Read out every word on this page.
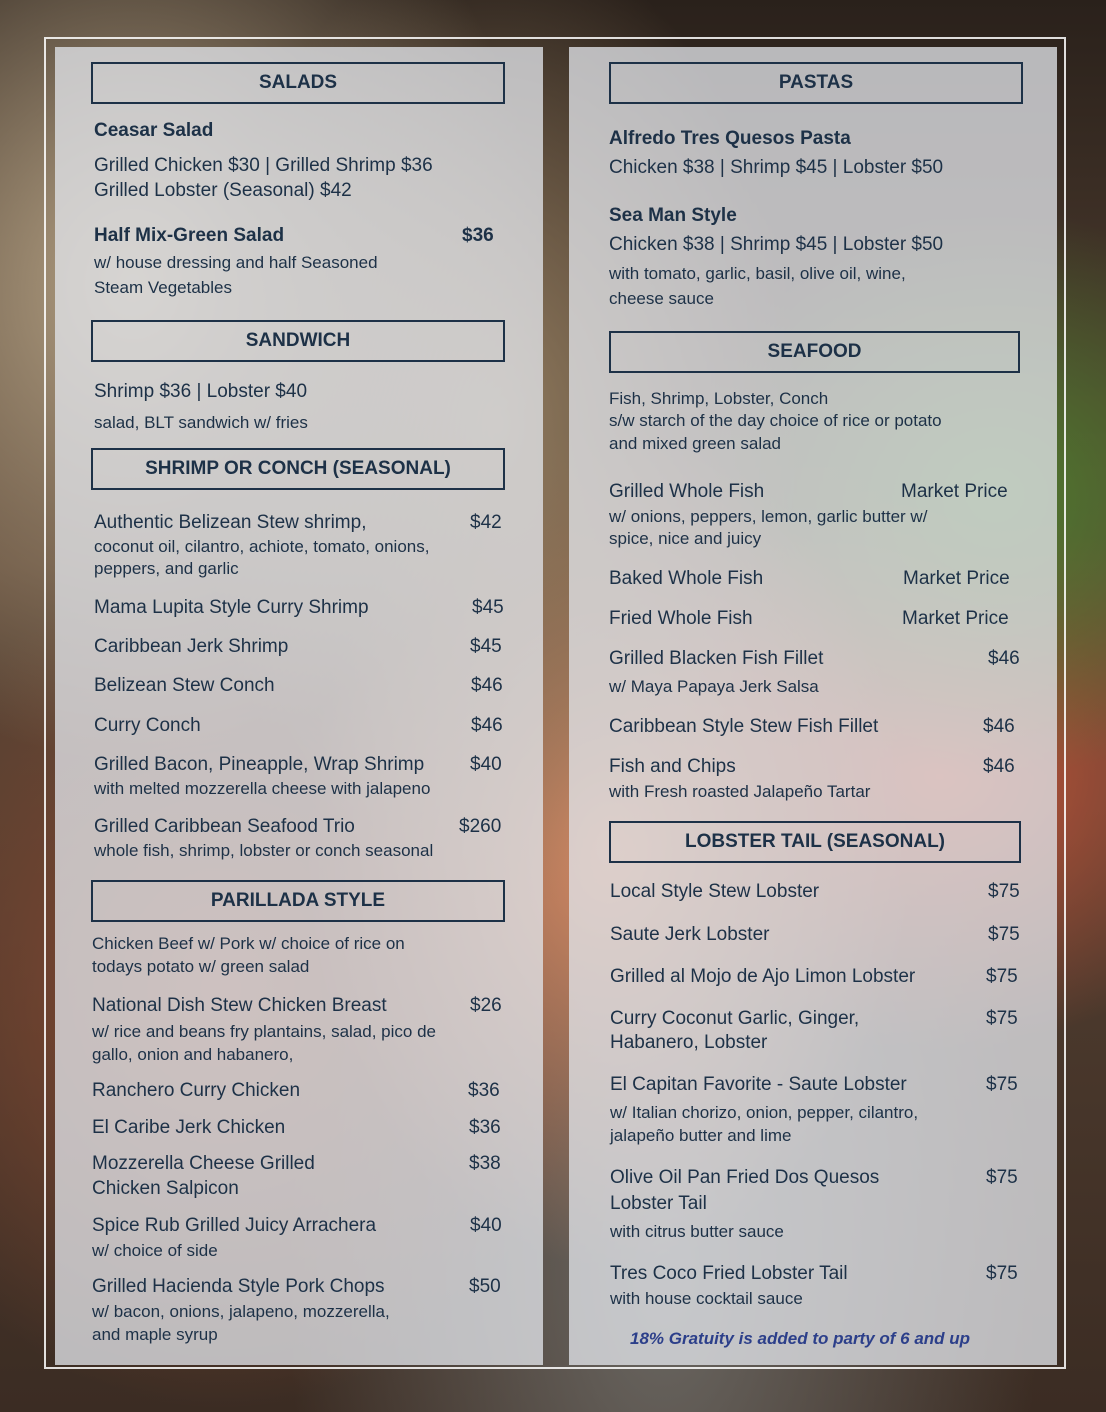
SALADS
Ceasar Salad
Grilled Chicken $30 | Grilled Shrimp $36
Grilled Lobster (Seasonal) $42
Half Mix-Green Salad	$36
w/ house dressing and half Seasoned
Steam Vegetables
SANDWICH
Shrimp $36 | Lobster $40
salad, BLT sandwich w/ fries
SHRIMP OR CONCH (SEASONAL)
Authentic Belizean Stew shrimp,	$42
coconut oil, cilantro, achiote, tomato, onions,
peppers, and garlic
Mama Lupita Style Curry Shrimp	$45
Caribbean Jerk Shrimp	$45
Belizean Stew Conch	$46
Curry Conch	$46
Grilled Bacon, Pineapple, Wrap Shrimp $40
with melted mozzerella cheese with jalapeno
Grilled Caribbean Seafood Trio	$260
whole fish, shrimp, lobster or conch seasonal
PARILLADA STYLE
Chicken Beef w/ Pork w/ choice of rice on
todays potato w/ green salad
National Dish Stew Chicken Breast	$26
w/ rice and beans fry plantains, salad, pico de
gallo, onion and habanero,
Ranchero Curry Chicken	$36
El Caribe Jerk Chicken	$36
Mozzerella Cheese Grilled
Chicken Salpicon
$38
Spice Rub Grilled Juicy Arrachera	$40
w/ choice of side
Grilled Hacienda Style Pork Chops	$50
w/ bacon, onions, jalapeno, mozzerella,
and maple syrup
PASTAS
Alfredo Tres Quesos Pasta
Chicken $38 | Shrimp $45 | Lobster $50
Sea Man Style
Chicken $38 | Shrimp $45 | Lobster $50
with tomato, garlic, basil, olive oil, wine,
cheese sauce
SEAFOOD
Fish, Shrimp, Lobster, Conch
s/w starch of the day choice of rice or potato
and mixed green salad
Grilled Whole Fish	Market Price
w/ onions, peppers, lemon, garlic butter w/
spice, nice and juicy
Baked Whole Fish	Market Price
Fried Whole Fish	Market Price
Grilled Blacken Fish Fillet	$46
w/ Maya Papaya Jerk Salsa
Caribbean Style Stew Fish Fillet	$46
Fish and Chips	$46
with Fresh roasted Jalapeño Tartar
LOBSTER TAIL (SEASONAL)
Local Style Stew Lobster	$75
Saute Jerk Lobster	$75
Grilled al Mojo de Ajo Limon Lobster	$75
Curry Coconut Garlic, Ginger,
Habanero, Lobster
$75
El Capitan Favorite - Saute Lobster	$75
w/ Italian chorizo, onion, pepper, cilantro,
jalapeño butter and lime
Olive Oil Pan Fried Dos Quesos
Lobster Tail
$75
with citrus butter sauce
Tres Coco Fried Lobster Tail	$75
with house cocktail sauce
18% Gratuity is added to party of 6 and up
